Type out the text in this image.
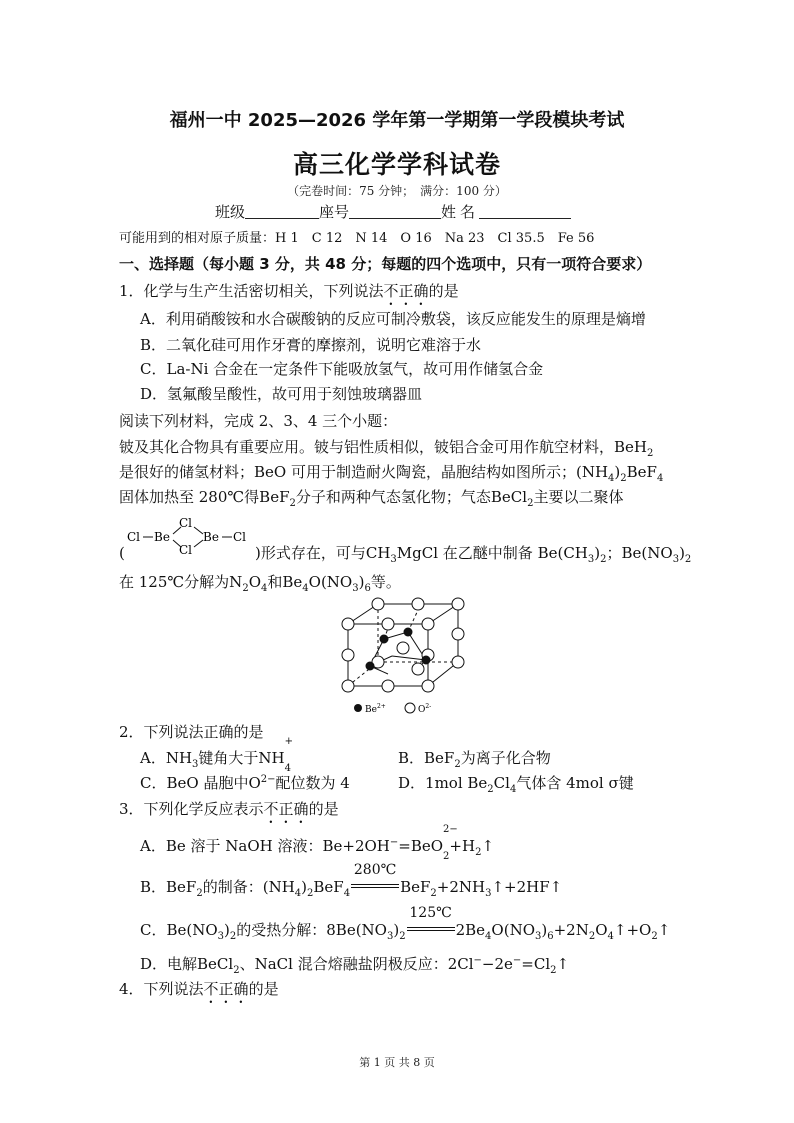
福州一中 2025—2026 学年第一学期第一学段模块考试
高三化学学科试卷
（完卷时间：75 分钟；　满分：100 分）
班级	座号	姓名
可能用到的相对原子质量：H 1　C 12　N 14　O 16　Na 23　Cl 35.5　Fe 56
一、选择题（每小题 3 分，共 48 分；每题的四个选项中，只有一项符合要求）
1．化学与生产生活密切相关，下列说法不正确的是
A．利用硝酸铵和水合碳酸钠的反应可制冷敷袋，该反应能发生的原理是熵增
B．二氧化硅可用作牙膏的摩擦剂，说明它难溶于水
C．La-Ni 合金在一定条件下能吸放氢气，故可用作储氢合金
D．氢氟酸呈酸性，故可用于刻蚀玻璃器皿
阅读下列材料，完成 2、3、4 三个小题：
铍及其化合物具有重要应用。铍与铝性质相似，铍铝合金可用作航空材料，BeH$_2$
是很好的储氢材料；BeO 可用于制造耐火陶瓷，晶胞结构如图所示；$(NH_4)_2BeF_4$
固体加热至 280℃得BeF$_2$分子和两种气态氢化物；气态BeCl$_2$主要以二聚体
Cl Be
Cl
Cl
Be Cl
(	)形式存在，可与$CH_3MgCl$ 在乙醚中制备 $Be(CH_3)_2$；$Be(NO_3)_2$
在 125℃分解为$N_2O_4$和$Be_4O(NO_3)_6$等。
$Be^{2+}$	$O^{2-}$
2．下列说法正确的是
A．$NH_3$键角大于NH
+
$_4$
B．BeF$_2$为离子化合物
C．BeO 晶胞中$O^{2-}$配位数为 4	D．1mol $Be_2Cl_4$气体含 4mol σ键
3．下列化学反应表示不正确的是
A．Be 溶于 NaOH 溶液：Be+2OH−=BeO
2−
$_2+H_2↑$
B．BeF$_2$的制备：$(NH_4)_2BeF_4$
280℃
$BeF_2+2NH_3↑+2HF↑$
C．$Be(NO_3)_2$的受热分解：$8Be(NO_3)_2$
125℃
$2Be_4O(NO_3)_6+2N_2O_4↑+O_2↑$
D．电解BeCl$_2$、NaCl 混合熔融盐阴极反应：$2Cl^--2e^-=Cl_2↑$
4．下列说法不正确的是
第 1 页 共 8 页
